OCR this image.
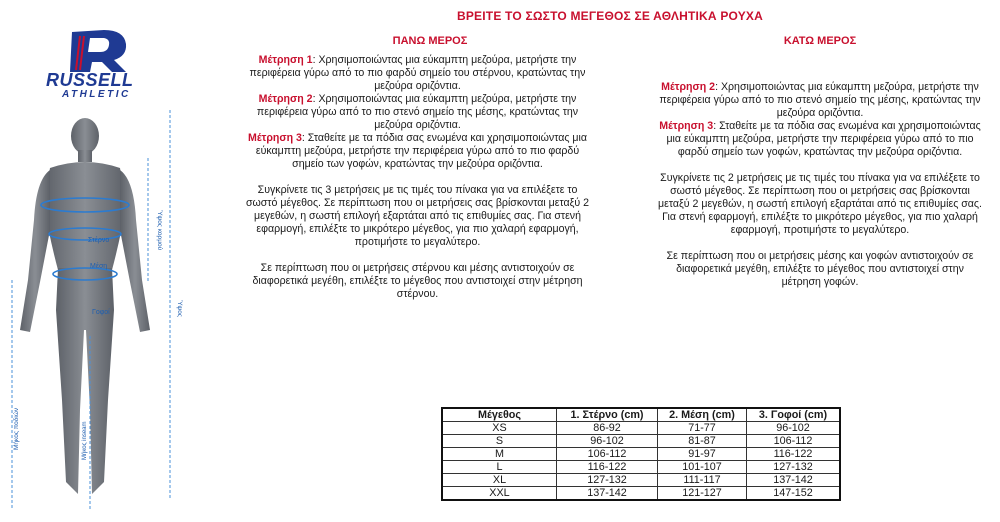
ΒΡΕΙΤΕ ΤΟ ΣΩΣΤΟ ΜΕΓΕΘΟΣ ΣΕ ΑΘΛΗΤΙΚΑ ΡΟΥΧΑ
RUSSELL
ATHLETIC
Στέρνο
Μέση
Γοφοί
Ύψος κορμού
Ύψος
Μήκος ποδιών	Μήκος inseam
ΠΑΝΩ ΜΕΡΟΣ

Μέτρηση 1: Χρησιμοποιώντας μια εύκαμπτη μεζούρα, μετρήστε την περιφέρεια γύρω από το πιο φαρδύ σημείο του στέρνου, κρατώντας την μεζούρα οριζόντια.
Μέτρηση 2: Χρησιμοποιώντας μια εύκαμπτη μεζούρα, μετρήστε την περιφέρεια γύρω από το πιο στενό σημείο της μέσης, κρατώντας την μεζούρα οριζόντια.
Μέτρηση 3: Σταθείτε με τα πόδια σας ενωμένα και χρησιμοποιώντας μια εύκαμπτη μεζούρα, μετρήστε την περιφέρεια γύρω από το πιο φαρδύ σημείο των γοφών, κρατώντας την μεζούρα οριζόντια.

Συγκρίνετε τις 3 μετρήσεις με τις τιμές του πίνακα για να επιλέξετε το σωστό μέγεθος. Σε περίπτωση που οι μετρήσεις σας βρίσκονται μεταξύ 2 μεγεθών, η σωστή επιλογή εξαρτάται από τις επιθυμίες σας. Για στενή εφαρμογή, επιλέξτε το μικρότερο μέγεθος, για πιο χαλαρή εφαρμογή, προτιμήστε το μεγαλύτερο.

Σε περίπτωση που οι μετρήσεις στέρνου και μέσης αντιστοιχούν σε διαφορετικά μεγέθη, επιλέξτε το μέγεθος που αντιστοιχεί στην μέτρηση στέρνου.

ΚΑΤΩ ΜΕΡΟΣ

Μέτρηση 2: Χρησιμοποιώντας μια εύκαμπτη μεζούρα, μετρήστε την περιφέρεια γύρω από το πιο στενό σημείο της μέσης, κρατώντας την μεζούρα οριζόντια.
Μέτρηση 3: Σταθείτε με τα πόδια σας ενωμένα και χρησιμοποιώντας μια εύκαμπτη μεζούρα, μετρήστε την περιφέρεια γύρω από το πιο φαρδύ σημείο των γοφών, κρατώντας την μεζούρα οριζόντια.

Συγκρίνετε τις 2 μετρήσεις με τις τιμές του πίνακα για να επιλέξετε το σωστό μέγεθος. Σε περίπτωση που οι μετρήσεις σας βρίσκονται μεταξύ 2 μεγεθών, η σωστή επιλογή εξαρτάται από τις επιθυμίες σας. Για στενή εφαρμογή, επιλέξτε το μικρότερο μέγεθος, για πιο χαλαρή εφαρμογή, προτιμήστε το μεγαλύτερο.

Σε περίπτωση που οι μετρήσεις μέσης και γοφών αντιστοιχούν σε διαφορετικά μεγέθη, επιλέξτε το μέγεθος που αντιστοιχεί στην μέτρηση γοφών.

Μέγεθος	1. Στέρνο (cm)	2. Μέση (cm)	3. Γοφοί (cm)
XS	86-92	71-77	96-102
S	96-102	81-87	106-112
M	106-112	91-97	116-122
L	116-122	101-107	127-132
XL	127-132	111-117	137-142
XXL	137-142	121-127	147-152
